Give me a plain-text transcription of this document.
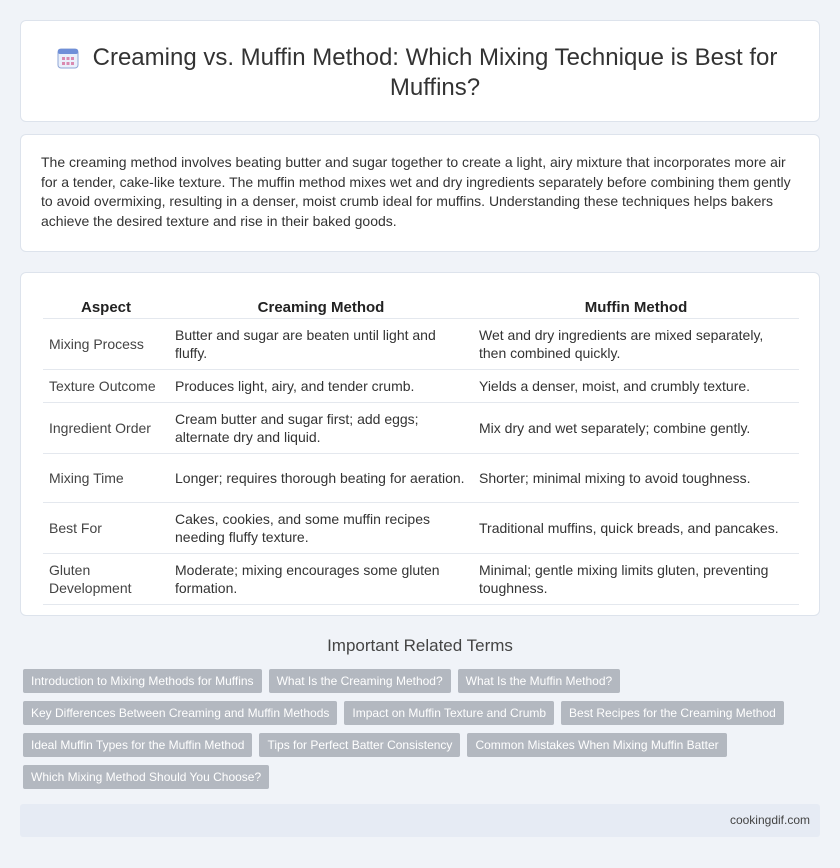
Creaming vs. Muffin Method: Which Mixing Technique is Best for Muffins?

The creaming method involves beating butter and sugar together to create a light, airy mixture that incorporates more air for a tender, cake-like texture. The muffin method mixes wet and dry ingredients separately before combining them gently to avoid overmixing, resulting in a denser, moist crumb ideal for muffins. Understanding these techniques helps bakers achieve the desired texture and rise in their baked goods.

Aspect	Creaming Method	Muffin Method
Mixing Process	Butter and sugar are beaten until light and fluffy.	Wet and dry ingredients are mixed separately, then combined quickly.
Texture Outcome	Produces light, airy, and tender crumb.	Yields a denser, moist, and crumbly texture.
Ingredient Order	Cream butter and sugar first; add eggs; alternate dry and liquid.	Mix dry and wet separately; combine gently.
Mixing Time	Longer; requires thorough beating for aeration.	Shorter; minimal mixing to avoid toughness.
Best For	Cakes, cookies, and some muffin recipes needing fluffy texture.	Traditional muffins, quick breads, and pancakes.
Gluten Development	Moderate; mixing encourages some gluten formation.	Minimal; gentle mixing limits gluten, preventing toughness.
Important Related Terms
Introduction to Mixing Methods for Muffins	What Is the Creaming Method?	What Is the Muffin Method?
Key Differences Between Creaming and Muffin Methods	Impact on Muffin Texture and Crumb	Best Recipes for the Creaming Method
Ideal Muffin Types for the Muffin Method	Tips for Perfect Batter Consistency	Common Mistakes When Mixing Muffin Batter
Which Mixing Method Should You Choose?
cookingdif.com
